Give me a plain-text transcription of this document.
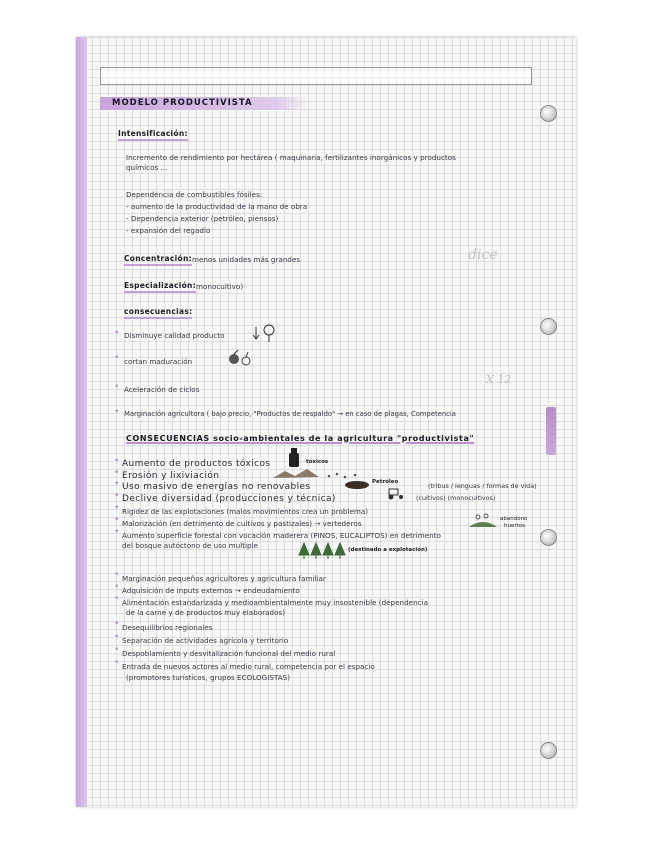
dice
X 12
MODELO PRODUCTIVISTA
Intensificación:
Incremento de rendimiento por hectárea ( maquinaria, fertilizantes inorgánicos y productos
químicos ...
Dependencia de combustibles fósiles:
- aumento de la productividad de la mano de obra
- Dependencia exterior (petróleo, piensos)
- expansión del regadío
Concentración: menos unidades más grandes
Especialización: monocultivo)
consecuencias:
• Disminuye calidad producto
• cortan maduración
• Aceleración de ciclos
• Marginación agricultora ( bajo precio, "Productos de respaldo" → en caso de plagas, Competencia
CONSECUENCIAS socio-ambientales de la agricultura "productivista"
• Aumento de productos tóxicos	tóxicos
• Erosión y lixiviación
• Uso masivo de energías no renovables	Petróleo	(tribus / lenguas / formas de vida)
• Declive diversidad (producciones y técnica)	(cultivos) (monocultivos)
• Rigidez de las explotaciones (malos movimientos crea un problema)
• Malorización (en detrimento de cultivos y pastizales) → vertederos	abandono
huertos
• Aumento superficie forestal con vocación maderera (PINOS, EUCALIPTOS) en detrimento
del bosque autóctono de uso multiple	(destinado a explotación)
• Marginación pequeños agricultores y agricultura familiar
• Adquisición de inputs externos → endeudamiento
• Alimentación estandarizada y medioambientalmente muy insostenible (dependencia
de la carne y de productos muy elaborados)
• Desequilibrios regionales
• Separación de actividades agrícola y territorio
• Despoblamiento y desvitalización funcional del medio rural
• Entrada de nuevos actores al medio rural, competencia por el espacio
(promotores turísticos, grupos ECOLOGISTAS)
